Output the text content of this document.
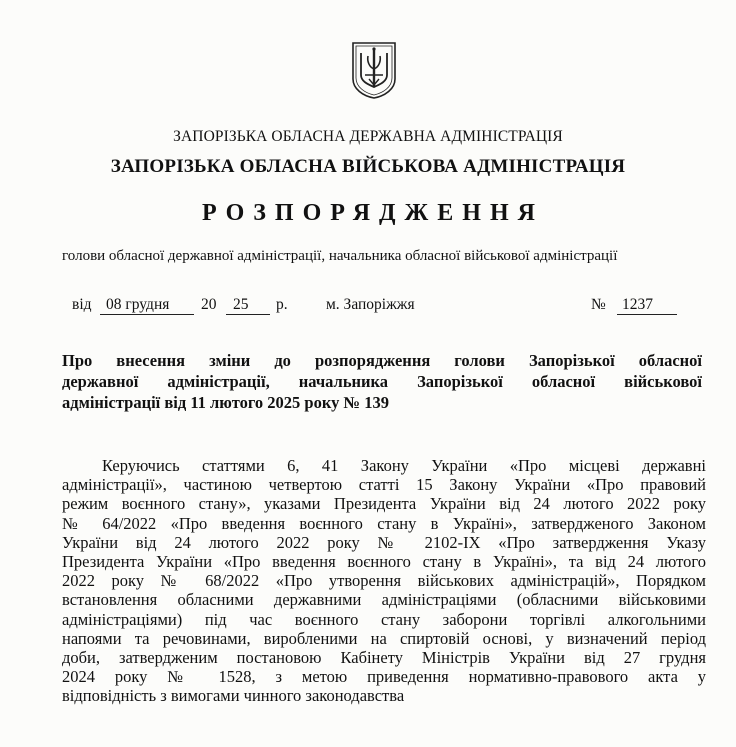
ЗАПОРІЗЬКА ОБЛАСНА ДЕРЖАВНА АДМІНІСТРАЦІЯ
ЗАПОРІЗЬКА ОБЛАСНА ВІЙСЬКОВА АДМІНІСТРАЦІЯ
РОЗПОРЯДЖЕННЯ
голови обласної державної адміністрації, начальника обласної військової адміністрації
від 08 грудня 20 25 р. м. Запоріжжя	№ 1237
Про внесення зміни до розпорядження голови Запорізької обласної
державної адміністрації, начальника Запорізької обласної військової
адміністрації від 11 лютого 2025 року № 139
Керуючись статтями 6, 41 Закону України «Про місцеві державні
адміністрації», частиною четвертою статті 15 Закону України «Про правовий
режим воєнного стану», указами Президента України від 24 лютого 2022 року
№ 64/2022 «Про введення воєнного стану в Україні», затвердженого Законом
України від 24 лютого 2022 року № 2102-IX «Про затвердження Указу
Президента України «Про введення воєнного стану в Україні», та від 24 лютого
2022 року № 68/2022 «Про утворення військових адміністрацій», Порядком
встановлення обласними державними адміністраціями (обласними військовими
адміністраціями) під час воєнного стану заборони торгівлі алкогольними
напоями та речовинами, виробленими на спиртовій основі, у визначений період
доби, затвердженим постановою Кабінету Міністрів України від 27 грудня
2024 року № 1528, з метою приведення нормативно-правового акта у
відповідність з вимогами чинного законодавства
